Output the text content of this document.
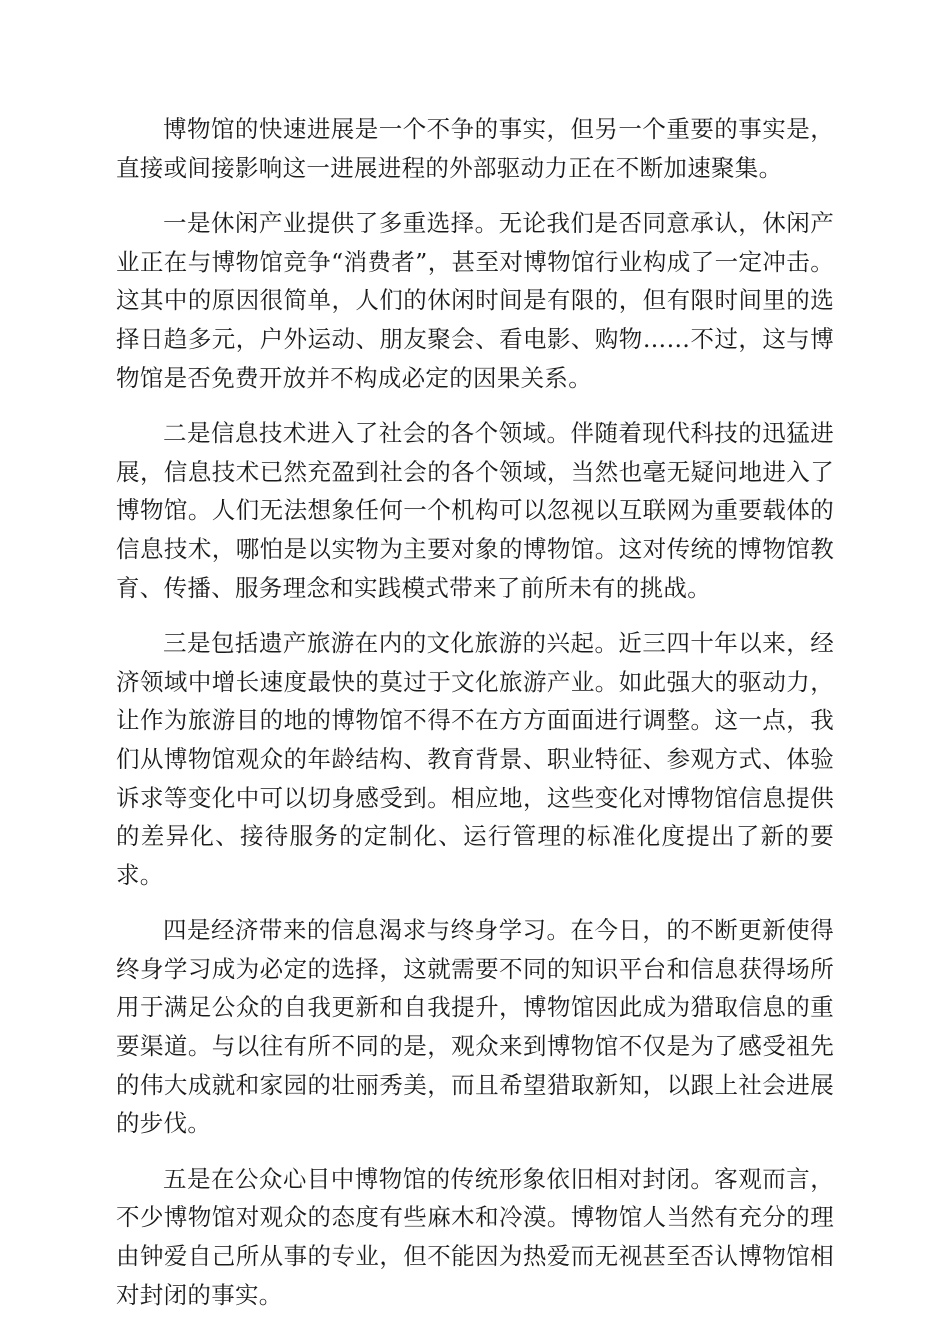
博物馆的快速进展是一个不争的事实，但另一个重要的事实是，直接或间接影响这一进展进程的外部驱动力正在不断加速聚集。

一是休闲产业提供了多重选择。无论我们是否同意承认，休闲产业正在与博物馆竞争“消费者”，甚至对博物馆行业构成了一定冲击。这其中的原因很简单，人们的休闲时间是有限的，但有限时间里的选择日趋多元，户外运动、朋友聚会、看电影、购物……不过，这与博物馆是否免费开放并不构成必定的因果关系。

二是信息技术进入了社会的各个领域。伴随着现代科技的迅猛进展，信息技术已然充盈到社会的各个领域，当然也毫无疑问地进入了博物馆。人们无法想象任何一个机构可以忽视以互联网为重要载体的信息技术，哪怕是以实物为主要对象的博物馆。这对传统的博物馆教育、传播、服务理念和实践模式带来了前所未有的挑战。

三是包括遗产旅游在内的文化旅游的兴起。近三四十年以来，经济领域中增长速度最快的莫过于文化旅游产业。如此强大的驱动力，让作为旅游目的地的博物馆不得不在方方面面进行调整。这一点，我们从博物馆观众的年龄结构、教育背景、职业特征、参观方式、体验诉求等变化中可以切身感受到。相应地，这些变化对博物馆信息提供的差异化、接待服务的定制化、运行管理的标准化度提出了新的要求。

四是经济带来的信息渴求与终身学习。在今日，的不断更新使得终身学习成为必定的选择，这就需要不同的知识平台和信息获得场所用于满足公众的自我更新和自我提升，博物馆因此成为猎取信息的重要渠道。与以往有所不同的是，观众来到博物馆不仅是为了感受祖先的伟大成就和家园的壮丽秀美，而且希望猎取新知，以跟上社会进展的步伐。

五是在公众心目中博物馆的传统形象依旧相对封闭。客观而言，不少博物馆对观众的态度有些麻木和冷漠。博物馆人当然有充分的理由钟爱自己所从事的专业，但不能因为热爱而无视甚至否认博物馆相对封闭的事实。
